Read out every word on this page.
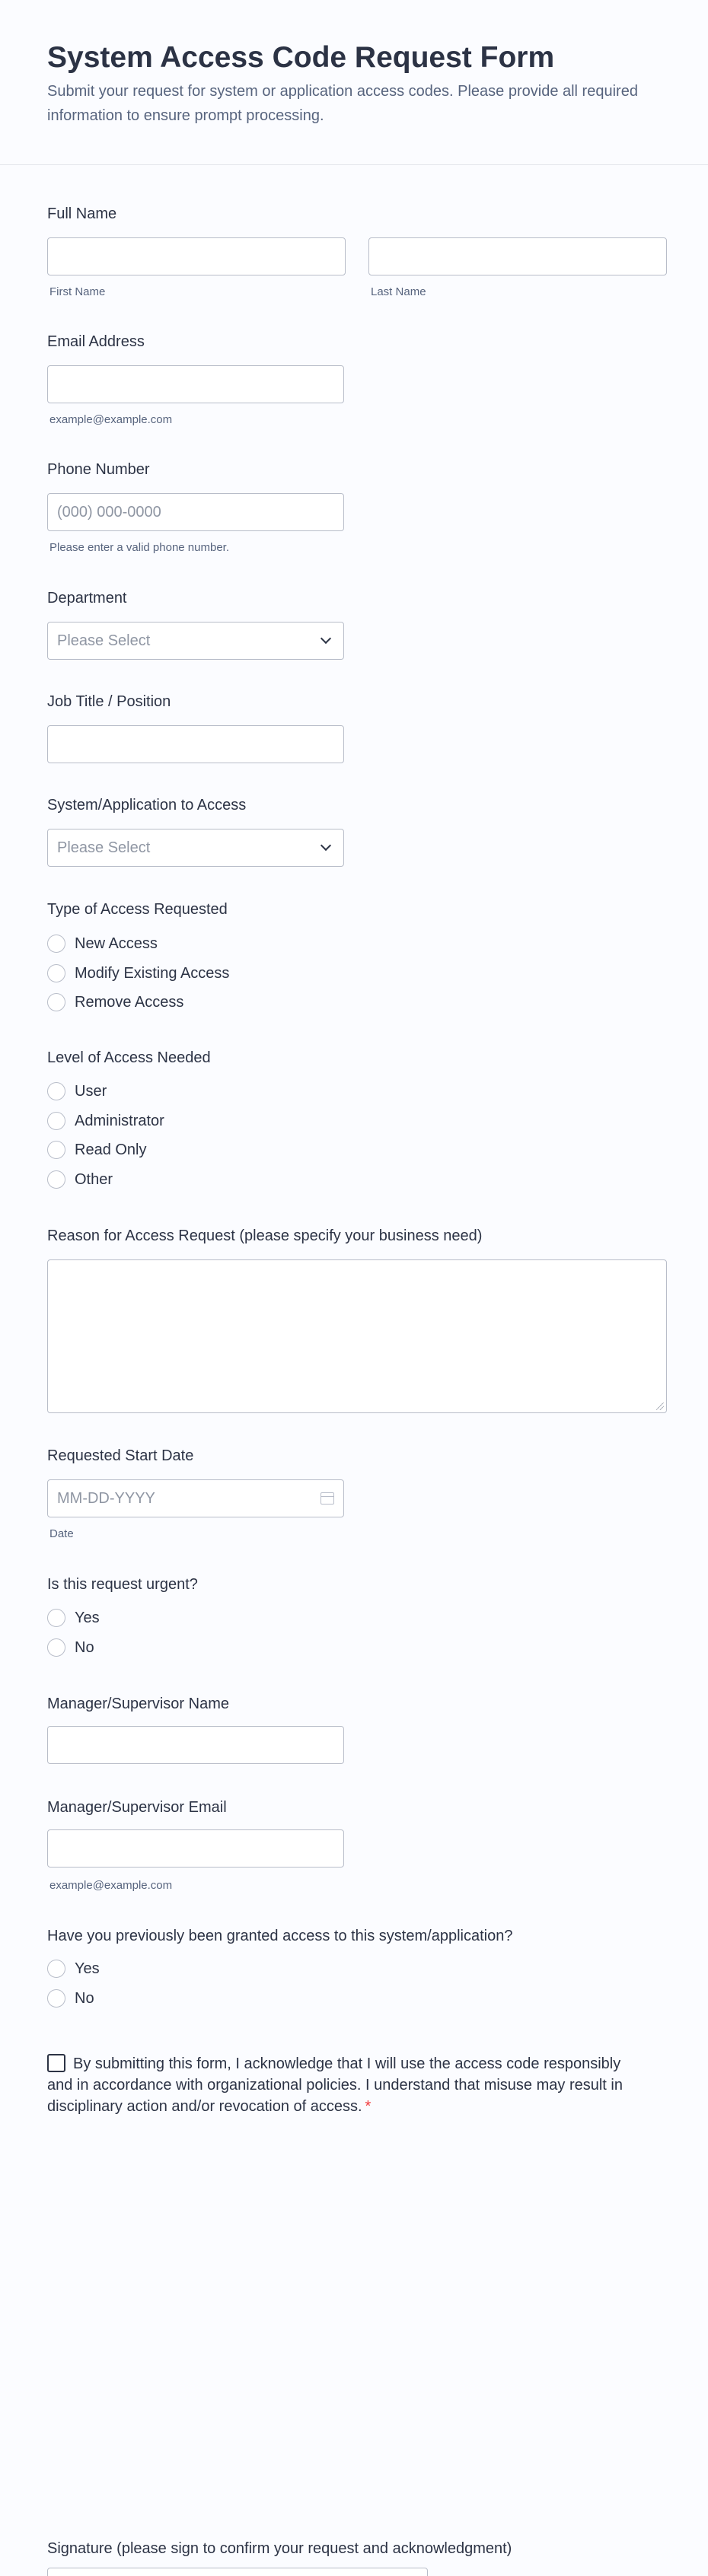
System Access Code Request Form

Submit your request for system or application access codes. Please provide all required information to ensure prompt processing.

Full Name
First Name	Last Name
Email Address
example@example.com
Phone Number
(000) 000-0000
Please enter a valid phone number.
Department
Please Select
Job Title / Position
System/Application to Access
Please Select
Type of Access Requested
New Access
Modify Existing Access
Remove Access
Level of Access Needed
User
Administrator
Read Only
Other
Reason for Access Request (please specify your business need)
Requested Start Date
MM-DD-YYYY
Date
Is this request urgent?
Yes
No
Manager/Supervisor Name
Manager/Supervisor Email
example@example.com
Have you previously been granted access to this system/application?
Yes
No
By submitting this form, I acknowledge that I will use the access code responsibly and in accordance with organizational policies. I understand that misuse may result in disciplinary action and/or revocation of access. *
Signature (please sign to confirm your request and acknowledgment)
